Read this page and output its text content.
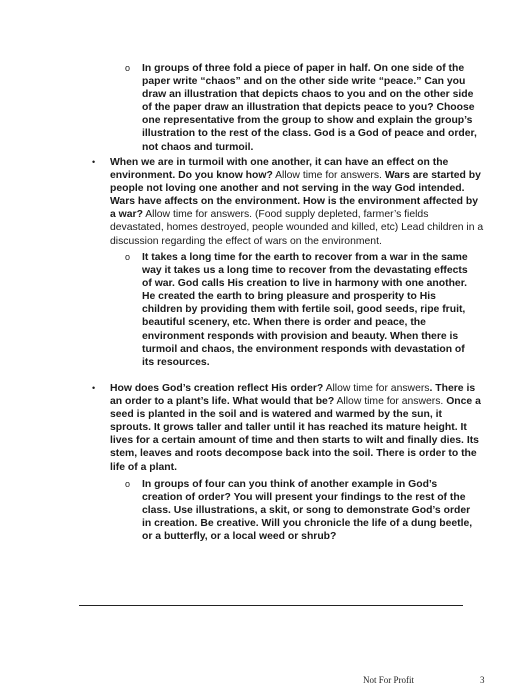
o In groups of three fold a piece of paper in half. On one side of the paper write “chaos” and on the other side write “peace.” Can you draw an illustration that depicts chaos to you and on the other side of the paper draw an illustration that depicts peace to you? Choose one representative from the group to show and explain the group’s illustration to the rest of the class. God is a God of peace and order, not chaos and turmoil.
• When we are in turmoil with one another, it can have an effect on the environment. Do you know how? Allow time for answers. Wars are started by people not loving one another and not serving in the way God intended. Wars have affects on the environment. How is the environment affected by a war? Allow time for answers. (Food supply depleted, farmer’s fields devastated, homes destroyed, people wounded and killed, etc) Lead children in a discussion regarding the effect of wars on the environment.
o It takes a long time for the earth to recover from a war in the same way it takes us a long time to recover from the devastating effects of war. God calls His creation to live in harmony with one another. He created the earth to bring pleasure and prosperity to His children by providing them with fertile soil, good seeds, ripe fruit, beautiful scenery, etc. When there is order and peace, the environment responds with provision and beauty. When there is turmoil and chaos, the environment responds with devastation of its resources.
• How does God’s creation reflect His order? Allow time for answers. There is an order to a plant’s life. What would that be? Allow time for answers. Once a seed is planted in the soil and is watered and warmed by the sun, it sprouts. It grows taller and taller until it has reached its mature height. It lives for a certain amount of time and then starts to wilt and finally dies. Its stem, leaves and roots decompose back into the soil. There is order to the life of a plant.
o In groups of four can you think of another example in God’s creation of order? You will present your findings to the rest of the class. Use illustrations, a skit, or song to demonstrate God’s order in creation. Be creative. Will you chronicle the life of a dung beetle, or a butterfly, or a local weed or shrub?
Not For Profit	3
